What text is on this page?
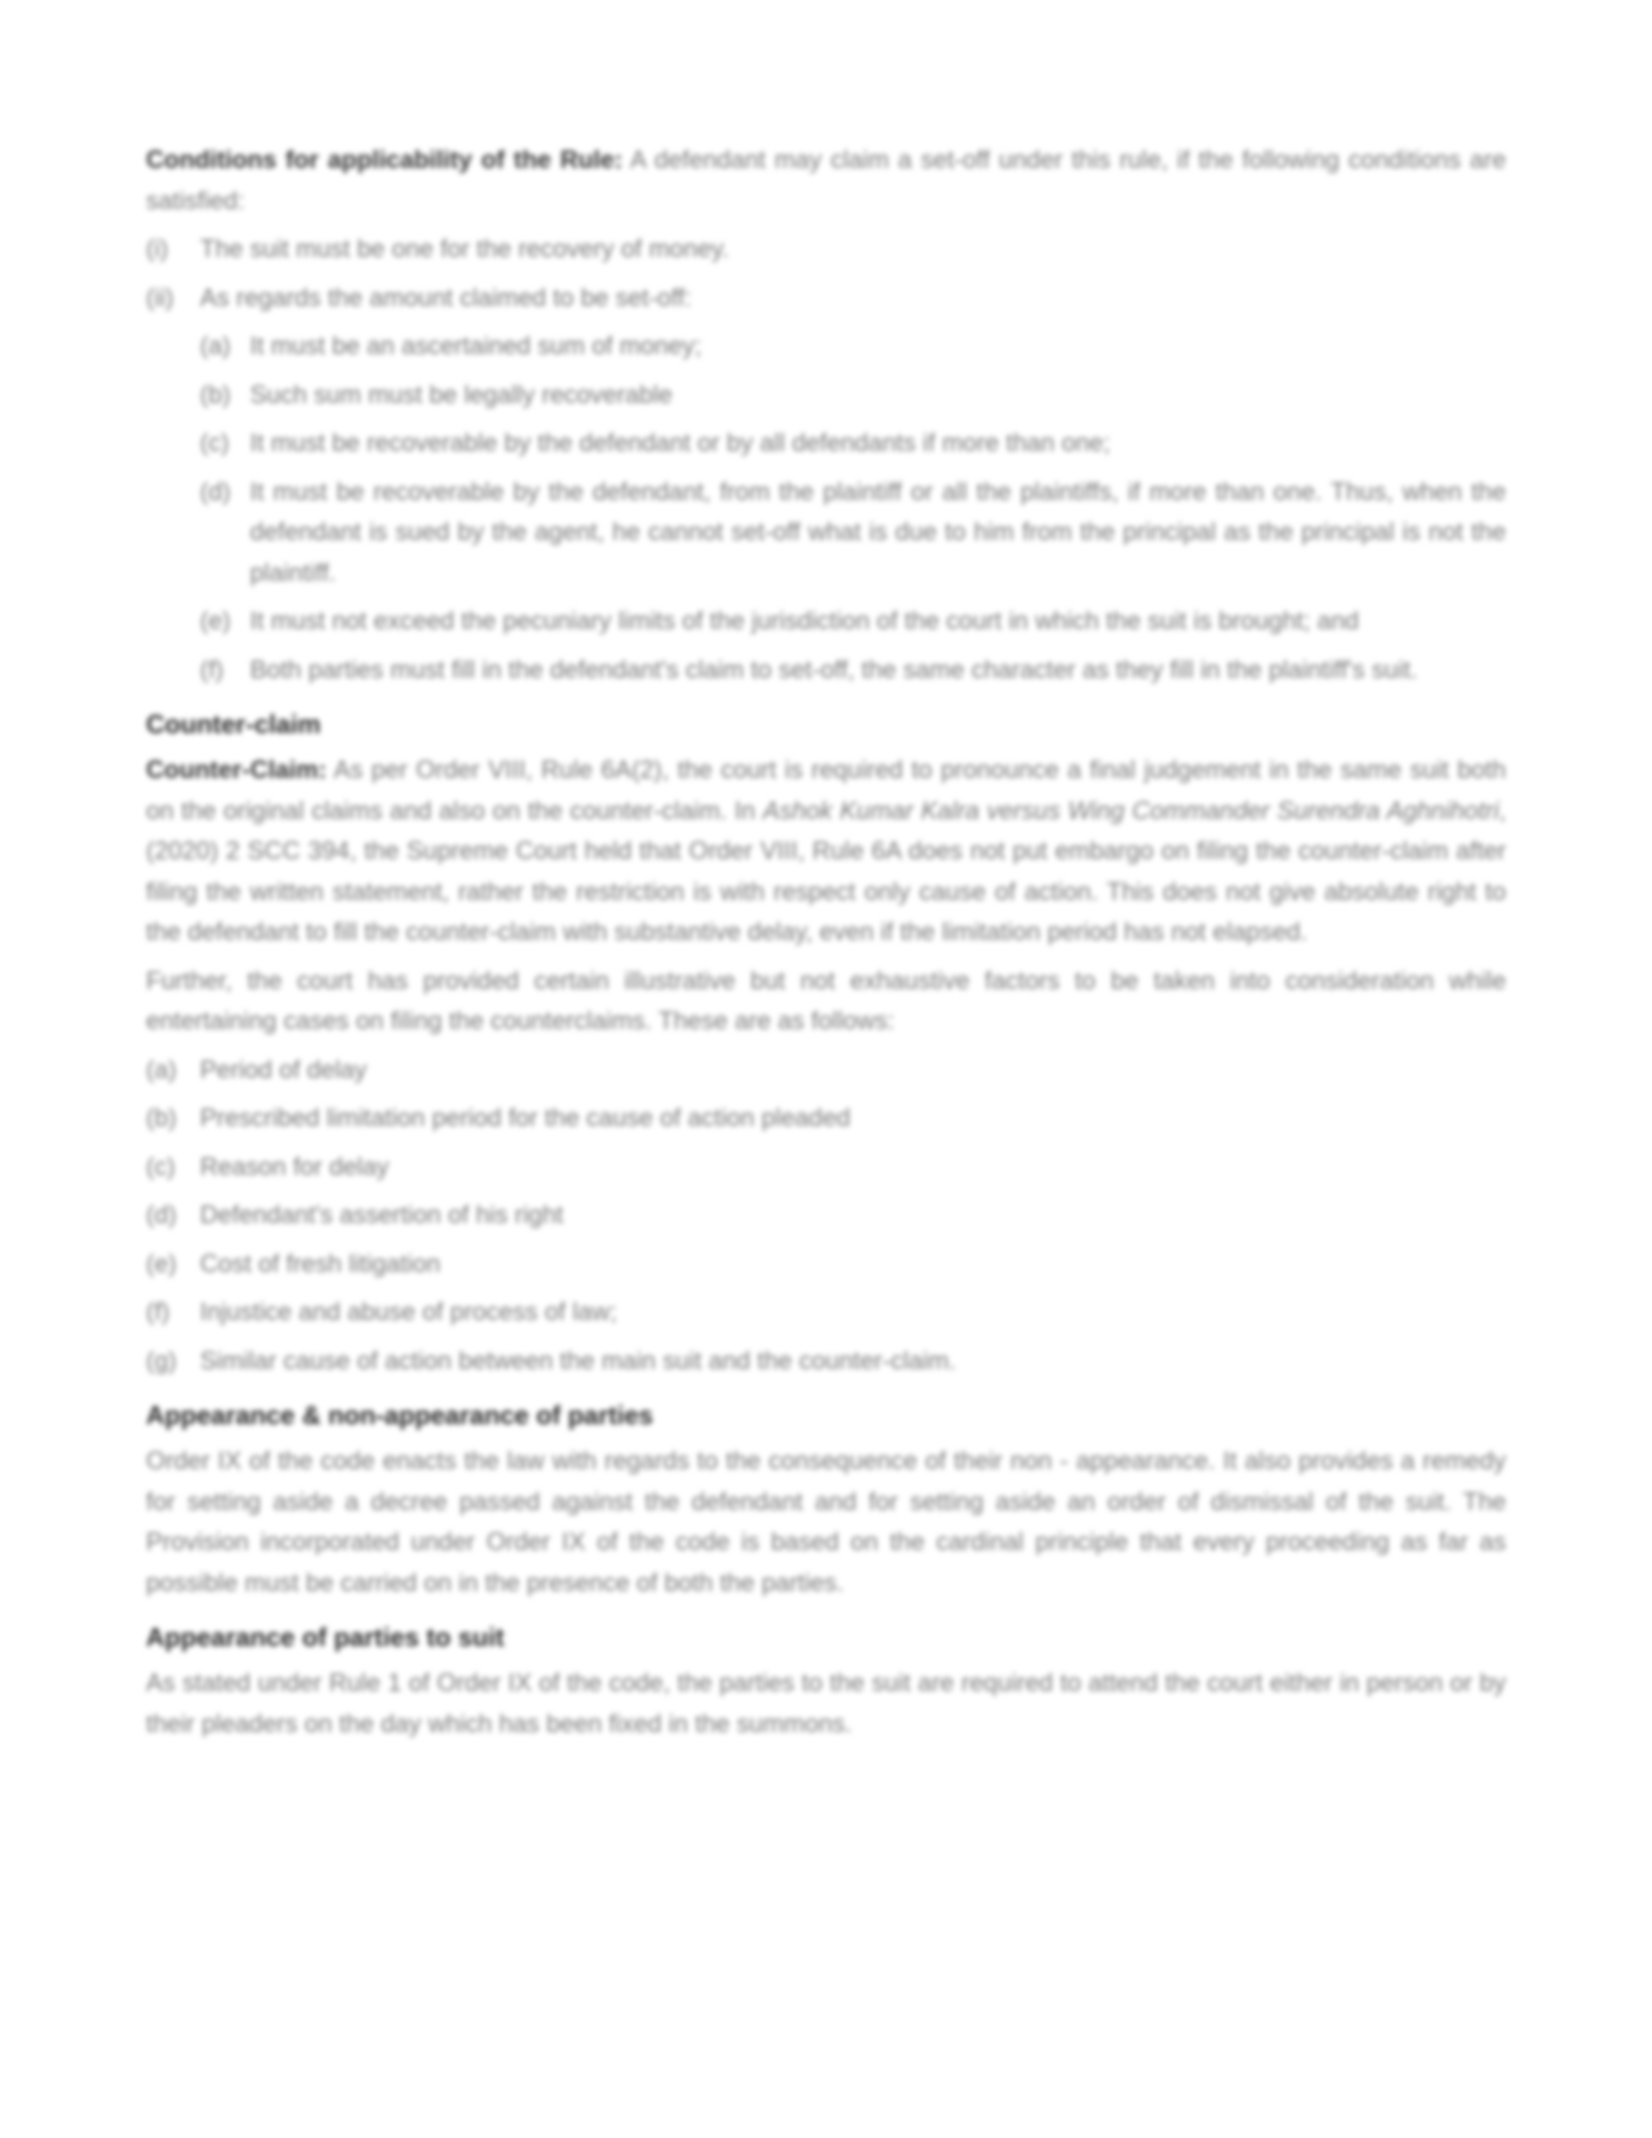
Conditions for applicability of the Rule: A defendant may claim a set-off under this rule, if the following conditions are satisfied:

(i)	The suit must be one for the recovery of money.
(ii)	As regards the amount claimed to be set-off:
(a) It must be an ascertained sum of money;
(b) Such sum must be legally recoverable
(c) It must be recoverable by the defendant or by all defendants if more than one;
(d) It must be recoverable by the defendant, from the plaintiff or all the plaintiffs, if more than one. Thus, when the defendant is sued by the agent, he cannot set-off what is due to him from the principal as the principal is not the plaintiff.
(e) It must not exceed the pecuniary limits of the jurisdiction of the court in which the suit is brought; and
(f)	Both parties must fill in the defendant's claim to set-off, the same character as they fill in the plaintiff's suit.
Counter-claim

Counter-Claim: As per Order VIII, Rule 6A(2), the court is required to pronounce a final judgement in the same suit both on the original claims and also on the counter-claim. In Ashok Kumar Kalra versus Wing Commander Surendra Aghnihotri, (2020) 2 SCC 394, the Supreme Court held that Order VIII, Rule 6A does not put embargo on filing the counter-claim after filing the written statement, rather the restriction is with respect only cause of action. This does not give absolute right to the defendant to fill the counter-claim with substantive delay, even if the limitation period has not elapsed.

Further, the court has provided certain illustrative but not exhaustive factors to be taken into consideration while entertaining cases on filing the counterclaims. These are as follows:

(a) Period of delay
(b) Prescribed limitation period for the cause of action pleaded
(c) Reason for delay
(d) Defendant's assertion of his right
(e) Cost of fresh litigation
(f)	Injustice and abuse of process of law;
(g) Similar cause of action between the main suit and the counter-claim.
Appearance & non-appearance of parties

Order IX of the code enacts the law with regards to the consequence of their non - appearance. It also provides a remedy for setting aside a decree passed against the defendant and for setting aside an order of dismissal of the suit. The Provision incorporated under Order IX of the code is based on the cardinal principle that every proceeding as far as possible must be carried on in the presence of both the parties.

Appearance of parties to suit

As stated under Rule 1 of Order IX of the code, the parties to the suit are required to attend the court either in person or by their pleaders on the day which has been fixed in the summons.
